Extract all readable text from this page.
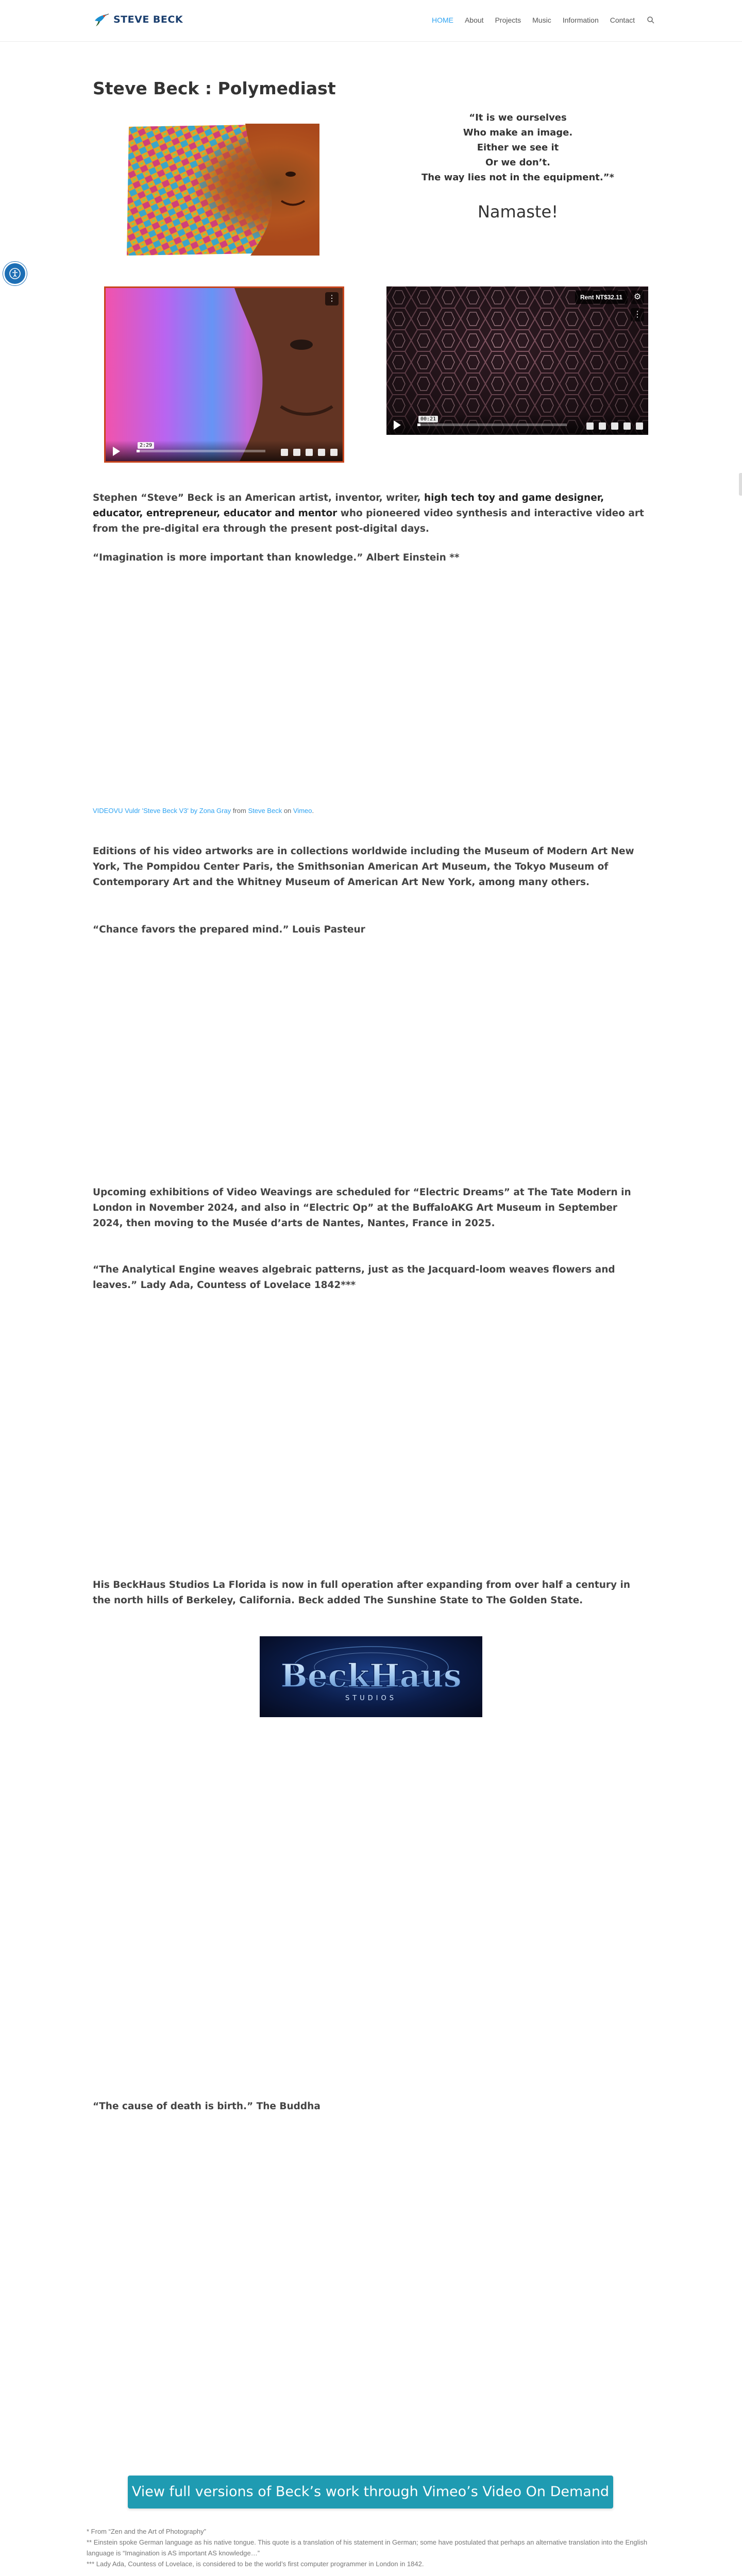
STEVE BECK	HOME About Projects Music Information Contact
Steve Beck : Polymediast
“It is we ourselves
Who make an image.
Either we see it
Or we don’t.
The way lies not in the equipment.”*
Namaste!
⋮
2:29
Rent NT$32.11	⚙
⋮
00:21

Stephen “Steve” Beck is an American artist, inventor, writer, high tech toy and game designer, educator, entrepreneur, educator and mentor who pioneered video synthesis and interactive video art from the pre-digital era through the present post-digital days.

“Imagination is more important than knowledge.” Albert Einstein **

VIDEOVU Vuldr 'Steve Beck V3' by Zona Gray from Steve Beck on Vimeo.

Editions of his video artworks are in collections worldwide including the Museum of Modern Art New York, The Pompidou Center Paris, the Smithsonian American Art Museum, the Tokyo Museum of Contemporary Art and the Whitney Museum of American Art New York, among many others.

“Chance favors the prepared mind.” Louis Pasteur

Upcoming exhibitions of Video Weavings are scheduled for “Electric Dreams” at The Tate Modern in London in November 2024, and also in “Electric Op” at the BuffaloAKG Art Museum in September 2024, then moving to the Musée d’arts de Nantes, Nantes, France in 2025.

“The Analytical Engine weaves algebraic patterns, just as the Jacquard-loom weaves flowers and leaves.” Lady Ada, Countess of Lovelace 1842***

His BeckHaus Studios La Florida is now in full operation after expanding from over half a century in the north hills of Berkeley, California. Beck added The Sunshine State to The Golden State.

BeckHaus
STUDIOS

“The cause of death is birth.” The Buddha

View full versions of Beck’s work through Vimeo’s Video On Demand service.
* From “Zen and the Art of Photography”
** Einstein spoke German language as his native tongue. This quote is a translation of his statement in German; some have postulated that perhaps an alternative translation into the English language is “Imagination is AS important AS knowledge…”
*** Lady Ada, Countess of Lovelace, is considered to be the world’s first computer programmer in London in 1842.
